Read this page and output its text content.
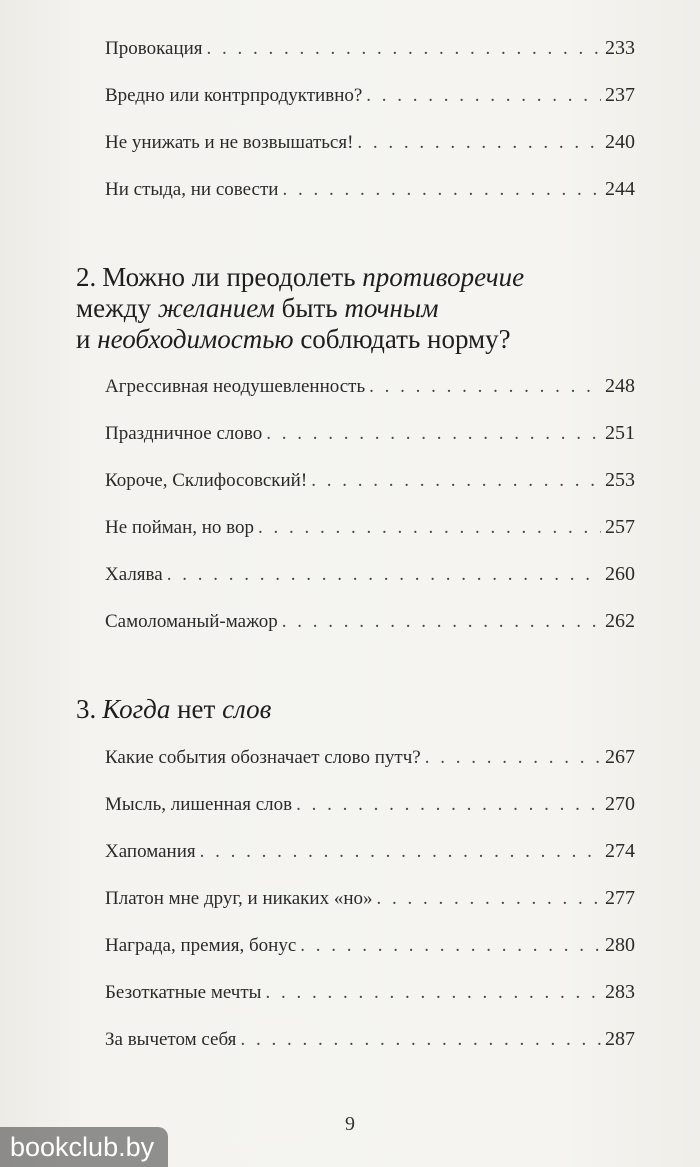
Провокация . . .	233
Вредно или контрпродуктивно? . . .	237
Не унижать и не возвышаться! . . .	240
Ни стыда, ни совести . . .	244
2. Можно ли преодолеть противоречие
между желанием быть точным
и необходимостью соблюдать норму?
Агрессивная неодушевленность . . .	248
Праздничное слово . . .	251
Короче, Склифосовский! . . .	253
Не пойман, но вор . . .	257
Халява . . .	260
Самоломаный-мажор . . .	262
3. Когда нет слов
Какие события обозначает слово путч? . . .	267
Мысль, лишенная слов . . .	270
Хапомания . . .	274
Платон мне друг, и никаких «но» . . .	277
Награда, премия, бонус . . .	280
Безоткатные мечты . . .	283
За вычетом себя . . .	287
9
bookclub.by
